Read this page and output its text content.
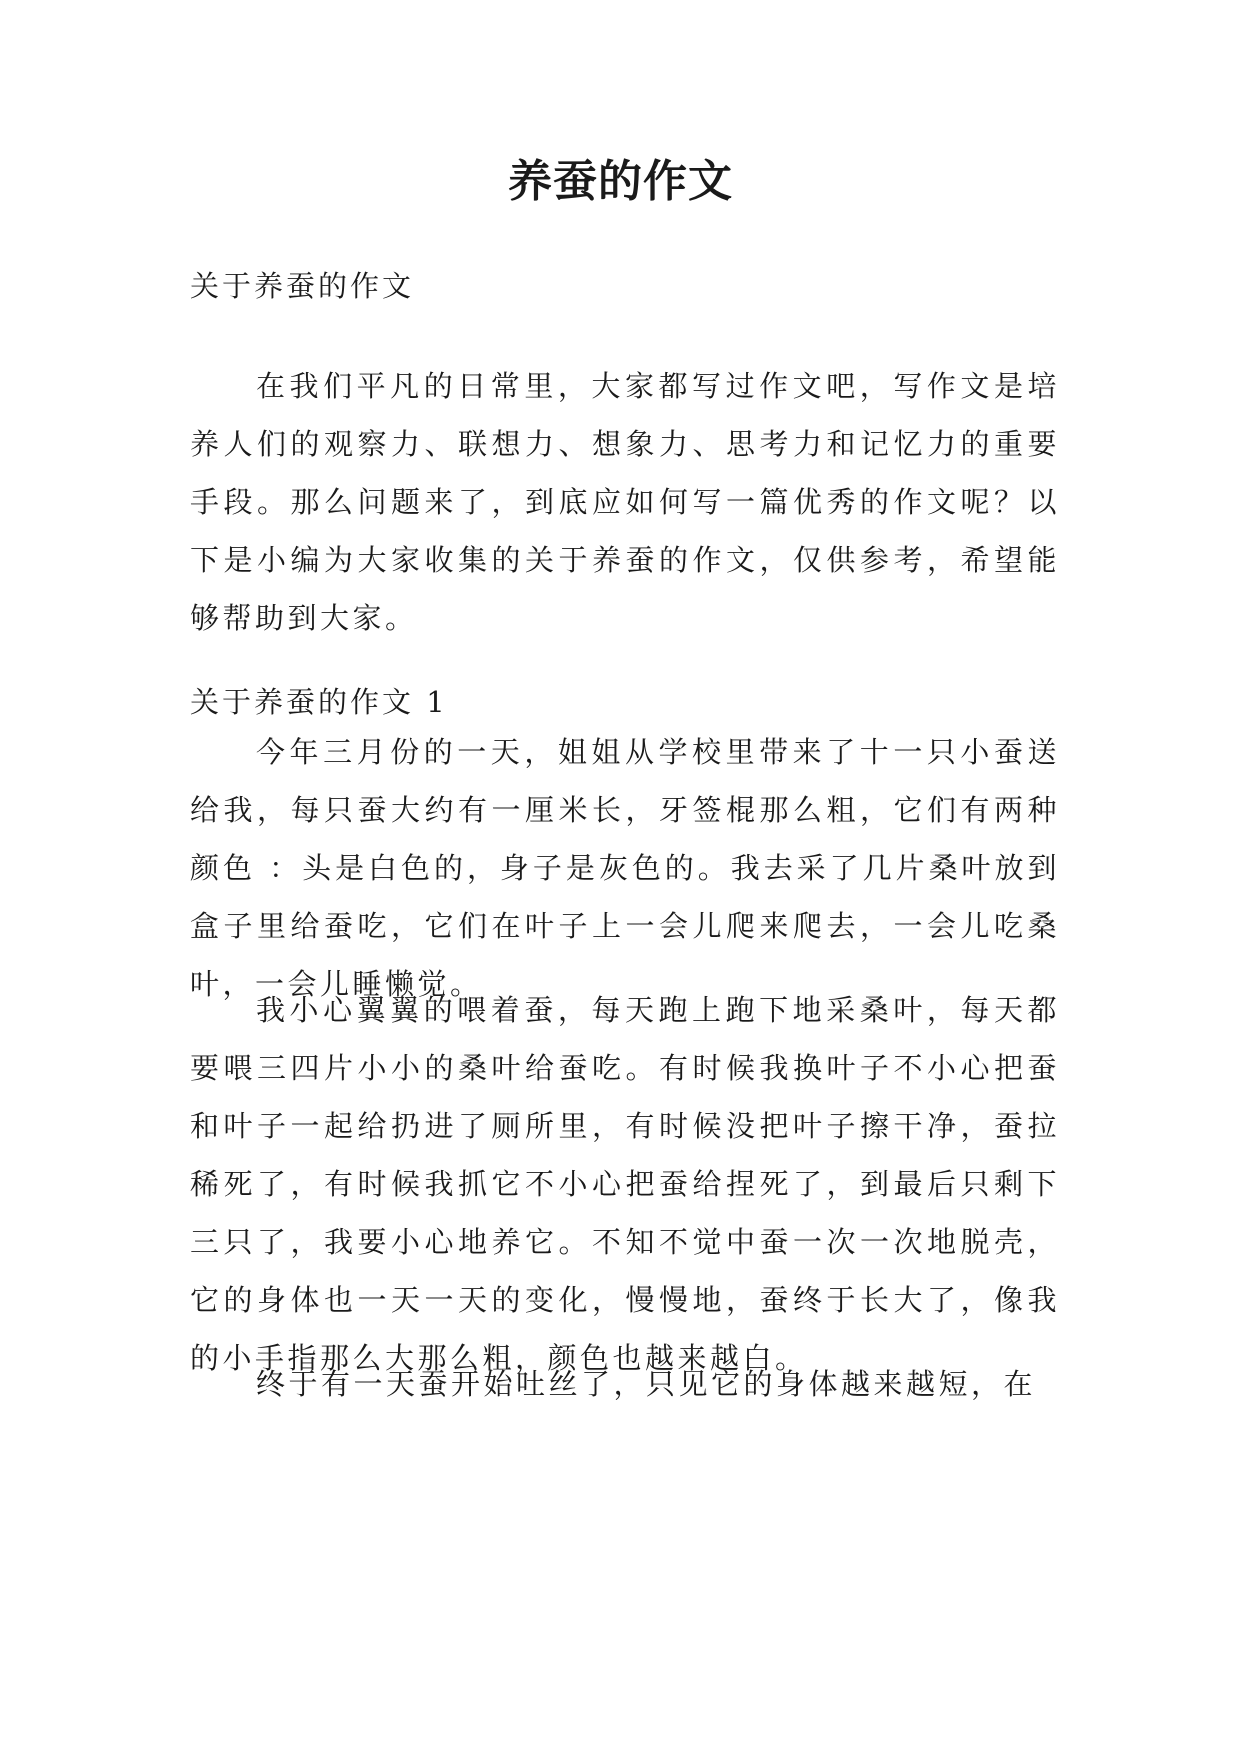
养蚕的作文

关于养蚕的作文

在我们平凡的日常里，大家都写过作文吧，写作文是培养人们的观察力、联想力、想象力、思考力和记忆力的重要手段。那么问题来了，到底应如何写一篇优秀的作文呢？以下是小编为大家收集的关于养蚕的作文，仅供参考，希望能够帮助到大家。

关于养蚕的作文 1

今年三月份的一天，姐姐从学校里带来了十一只小蚕送给我，每只蚕大约有一厘米长，牙签棍那么粗，它们有两种颜色 ：头是白色的，身子是灰色的。我去采了几片桑叶放到盒子里给蚕吃，它们在叶子上一会儿爬来爬去，一会儿吃桑叶，一会儿睡懒觉。

我小心翼翼的喂着蚕，每天跑上跑下地采桑叶，每天都要喂三四片小小的桑叶给蚕吃。有时候我换叶子不小心把蚕和叶子一起给扔进了厕所里，有时候没把叶子擦干净，蚕拉稀死了，有时候我抓它不小心把蚕给捏死了，到最后只剩下三只了，我要小心地养它。不知不觉中蚕一次一次地脱壳，它的身体也一天一天的变化，慢慢地，蚕终于长大了，像我的小手指那么大那么粗，颜色也越来越白。

终于有一天蚕开始吐丝了，只见它的身体越来越短，在
